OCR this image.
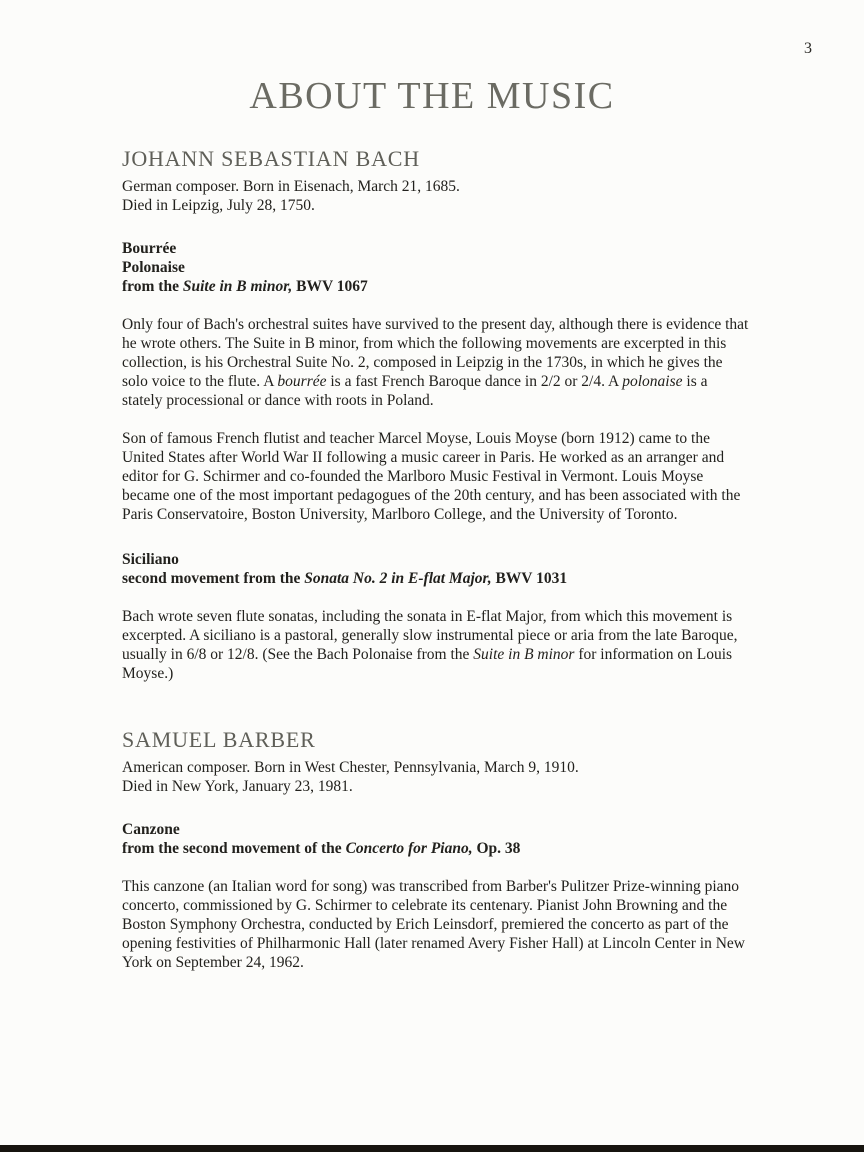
3
ABOUT THE MUSIC
JOHANN SEBASTIAN BACH

German composer. Born in Eisenach, March 21, 1685.

Died in Leipzig, July 28, 1750.

Bourrée

Polonaise

from the Suite in B minor, BWV 1067

Only four of Bach's orchestral suites have survived to the present day, although there is evidence that he wrote others. The Suite in B minor, from which the following movements are excerpted in this collection, is his Orchestral Suite No. 2, composed in Leipzig in the 1730s, in which he gives the solo voice to the flute. A bourrée is a fast French Baroque dance in 2/2 or 2/4. A polonaise is a stately processional or dance with roots in Poland.

Son of famous French flutist and teacher Marcel Moyse, Louis Moyse (born 1912) came to the United States after World War II following a music career in Paris. He worked as an arranger and editor for G. Schirmer and co-founded the Marlboro Music Festival in Vermont. Louis Moyse became one of the most important pedagogues of the 20th century, and has been associated with the Paris Conservatoire, Boston University, Marlboro College, and the University of Toronto.

Siciliano

second movement from the Sonata No. 2 in E-flat Major, BWV 1031

Bach wrote seven flute sonatas, including the sonata in E-flat Major, from which this movement is excerpted. A siciliano is a pastoral, generally slow instrumental piece or aria from the late Baroque, usually in 6/8 or 12/8. (See the Bach Polonaise from the Suite in B minor for information on Louis Moyse.)

SAMUEL BARBER

American composer. Born in West Chester, Pennsylvania, March 9, 1910.

Died in New York, January 23, 1981.

Canzone

from the second movement of the Concerto for Piano, Op. 38

This canzone (an Italian word for song) was transcribed from Barber's Pulitzer Prize-winning piano concerto, commissioned by G. Schirmer to celebrate its centenary. Pianist John Browning and the Boston Symphony Orchestra, conducted by Erich Leinsdorf, premiered the concerto as part of the opening festivities of Philharmonic Hall (later renamed Avery Fisher Hall) at Lincoln Center in New York on September 24, 1962.
